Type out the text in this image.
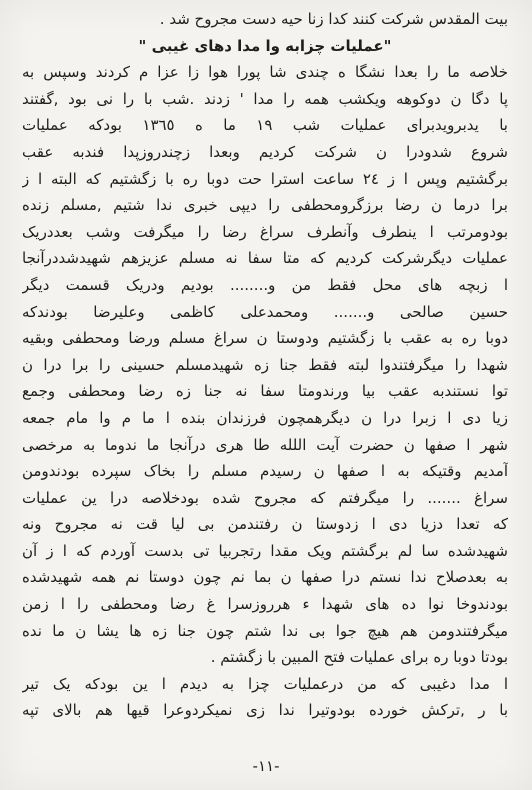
بیت المقدس شرکت کنند کدا زنا حیه دست مجروح شد .
"عملیات چزابه وا مدا دهای غیبی "
خلاصه ما را بعدا نشگا ه چندی شا پورا هوا زا عزا م کردند وسپس به
پا دگا ن دوکوهه ویکشب همه را مدا ' زدند .شب با را نی بود ,گفتند
با یدبرویدبرای عملیات شب ١٩ ما ه ١٣٦٥ بودکه عملیات
شروع شدودرا ن شرکت کردیم وبعدا زچندروزپدا فندبه عقب
برگشتیم وپس ا ز ٢٤ ساعت استرا حت دوبا ره با زگشتیم که البته ا ز
برا درما ن رضا برزگرومحطفی را دیپی خبری ندا شتیم ,مسلم زنده
بودومرتب ا ینطرف وآنطرف سراغ رضا را میگرفت وشب بعددریک
عملیات دیگرشرکت کردیم که متا سفا نه مسلم عزیزهم شهیدشددرآنجا
ا زبچه های محل فقط من و........ بودیم ودریک قسمت دیگر
حسین صالحی و....... ومحمدعلی کاظمی وعلیرضا بودندکه
دوبا ره به عقب با زگشتیم ودوستا ن سراغ مسلم ورضا ومحطفی وبقیه
شهدا را میگرفتندوا لبته فقط جنا زه شهیدمسلم حسینی را برا درا ن
توا نستندبه عقب بیا ورندومتا سفا نه جنا زه رضا ومحطفی وجمع
زیا دی ا زبرا درا ن دیگرهمچون فرزندان بنده ا ما م وا مام جمعه
شهر ا صفها ن حضرت آیت اللله طا هری درآنجا ما ندوما به مرخصی
آمدیم وقتیکه به ا صفها ن رسیدم مسلم را بخاک سپرده بودندومن
سراغ ....... را میگرفتم که مجروح شده بودخلاصه درا ین عملیات
که تعدا دزیا دی ا زدوستا ن رفتندمن بی لیا قت نه مجروح ونه
شهیدشده سا لم برگشتم ویک مقدا رتجربیا تی بدست آوردم که ا ز آن
به بعدصلاح ندا نستم درا صفها ن بما نم چون دوستا نم همه شهیدشده
بودندوخا نوا ده های شهدا ء هرروزسرا غ رضا ومحطفی را ا زمن
میگرفتندومن هم هیچ جوا بی ندا شتم چون جنا زه ها یشا ن ما نده
بودتا دوبا ره برای عملیات فتح المبین با زگشتم .
ا مدا دغیبی که من درعملیات چزا به دیدم ا ین بودکه یک تیر
با ر ,ترکش خورده بودوتیرا ندا زی نمیکردوعرا قیها هم بالای تپه
-١١-
